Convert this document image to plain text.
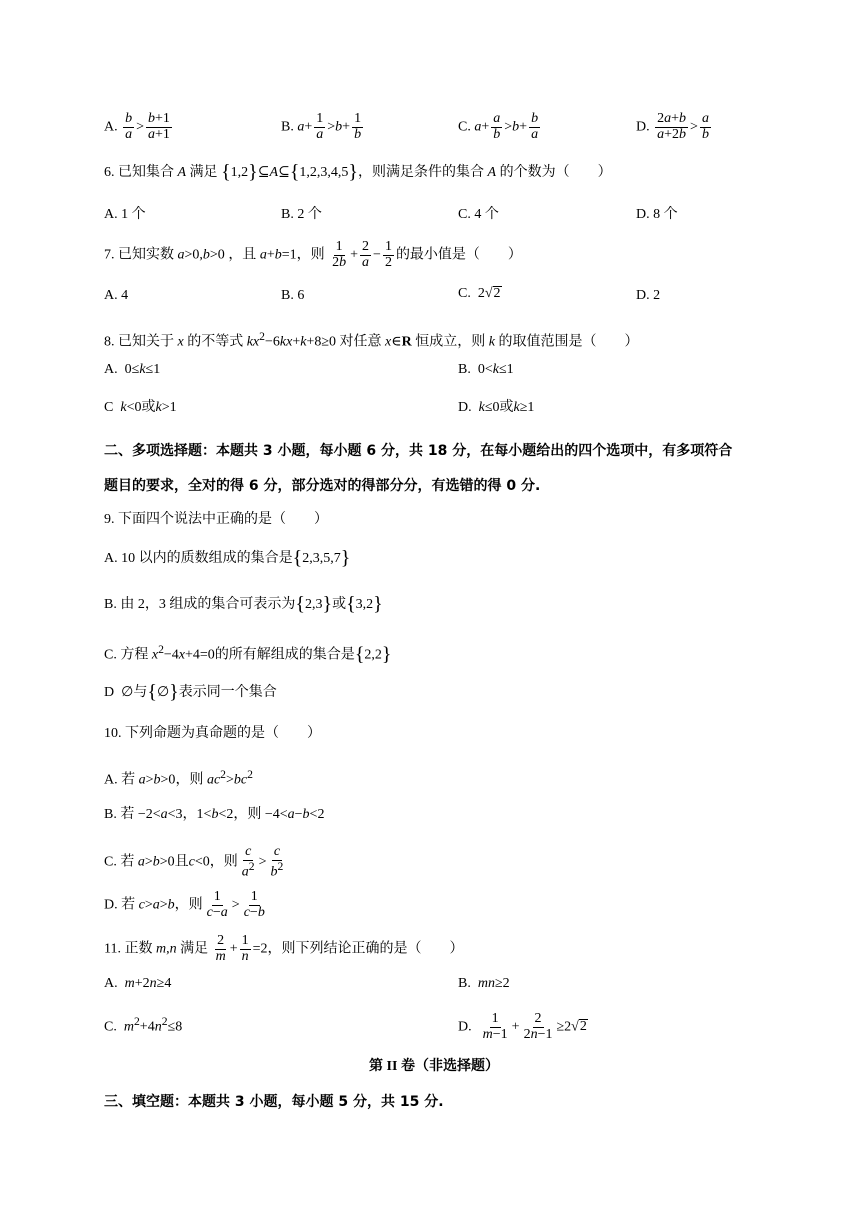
A. $\frac{b}{a} > \frac{b+1}{a+1}$	B. $a+ \frac{1}{a} >b+ \frac{1}{b}$	C. $a+ \frac{a}{b} >b+ \frac{b}{a}$	D. $\frac{2a+b}{a+2b} > \frac{a}{b}$
6. 已知集合 A 满足 {1,2}⊆A⊆{1,2,3,4,5}，则满足条件的集合 A 的个数为（　　）
A. 1 个	B. 2 个	C. 4 个	D. 8 个
7. 已知实数 a>0,b>0 ，且 a+b=1，则 $\frac{1}{2b} + \frac{2}{a} - \frac{1}{2}$ 的最小值是（　　）
A. 4	B. 6	C.  2√2	D. 2
8. 已知关于 x 的不等式 $kx^2-6kx+k+8\ge 0$ 对任意 x∈R 恒成立，则 k 的取值范围是（　　）
A.  0≤k≤1	B.  0<k≤1
C k<0或k>1	D. k≤0或k≥1
二、多项选择题：本题共 3 小题，每小题 6 分，共 18 分，在每小题给出的四个选项中，有多项符合
题目的要求，全对的得 6 分，部分选对的得部分分，有选错的得 0 分.
9. 下面四个说法中正确的是（　　）
A. 10 以内的质数组成的集合是{2,3,5,7}
B. 由 2，3 组成的集合可表示为{2,3}或{3,2}
C. 方程 $x^2-4x+4=0$的所有解组成的集合是{2,2}
D  ∅与{∅}表示同一个集合
10. 下列命题为真命题的是（　　）
A. 若 a>b>0，则 $ac^2>bc^2$
B. 若 −2<a<3，1<b<2，则 −4<a−b<2
C. 若 a>b>0且c<0，则 $\frac{c}{a^2} > \frac{c}{b^2}$
D. 若 c>a>b，则 $\frac{1}{c-a} > \frac{1}{c-b}$
11. 正数 m,n 满足 $\frac{2}{m} + \frac{1}{n} =2$，则下列结论正确的是（　　）
A. m+2n≥4	B. mn≥2
C. $m^2+4n^2\le 8$	D. $\frac{1}{m-1} + \frac{2}{2n-1} \ge 2√2$
第 II 卷（非选择题）
三、填空题：本题共 3 小题，每小题 5 分，共 15 分.
